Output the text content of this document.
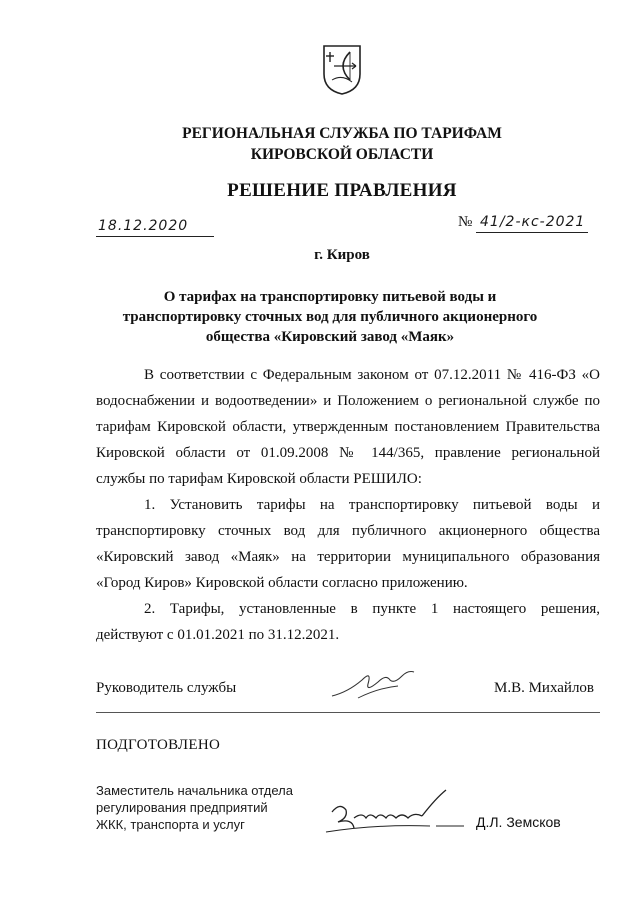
РЕГИОНАЛЬНАЯ СЛУЖБА ПО ТАРИФАМ
КИРОВСКОЙ ОБЛАСТИ
РЕШЕНИЕ ПРАВЛЕНИЯ
18.12.2020	№ 41/2-кс-2021
г. Киров
О тарифах на транспортировку питьевой воды и
транспортировку сточных вод для публичного акционерного
общества «Кировский завод «Маяк»
В соответствии с Федеральным законом от 07.12.2011 № 416-ФЗ «О
водоснабжении и водоотведении» и Положением о региональной службе по
тарифам Кировской области, утвержденным постановлением Правительства
Кировской области от 01.09.2008 № 144/365, правление региональной
службы по тарифам Кировской области РЕШИЛО:
1. Установить тарифы на транспортировку питьевой воды и
транспортировку сточных вод для публичного акционерного общества
«Кировский завод «Маяк» на территории муниципального образования
«Город Киров» Кировской области согласно приложению.
2. Тарифы, установленные в пункте 1 настоящего решения,
действуют с 01.01.2021 по 31.12.2021.
Руководитель службы	М.В. Михайлов
ПОДГОТОВЛЕНО
Заместитель начальника отдела
регулирования предприятий
ЖКК, транспорта и услуг	Д.Л. Земсков
